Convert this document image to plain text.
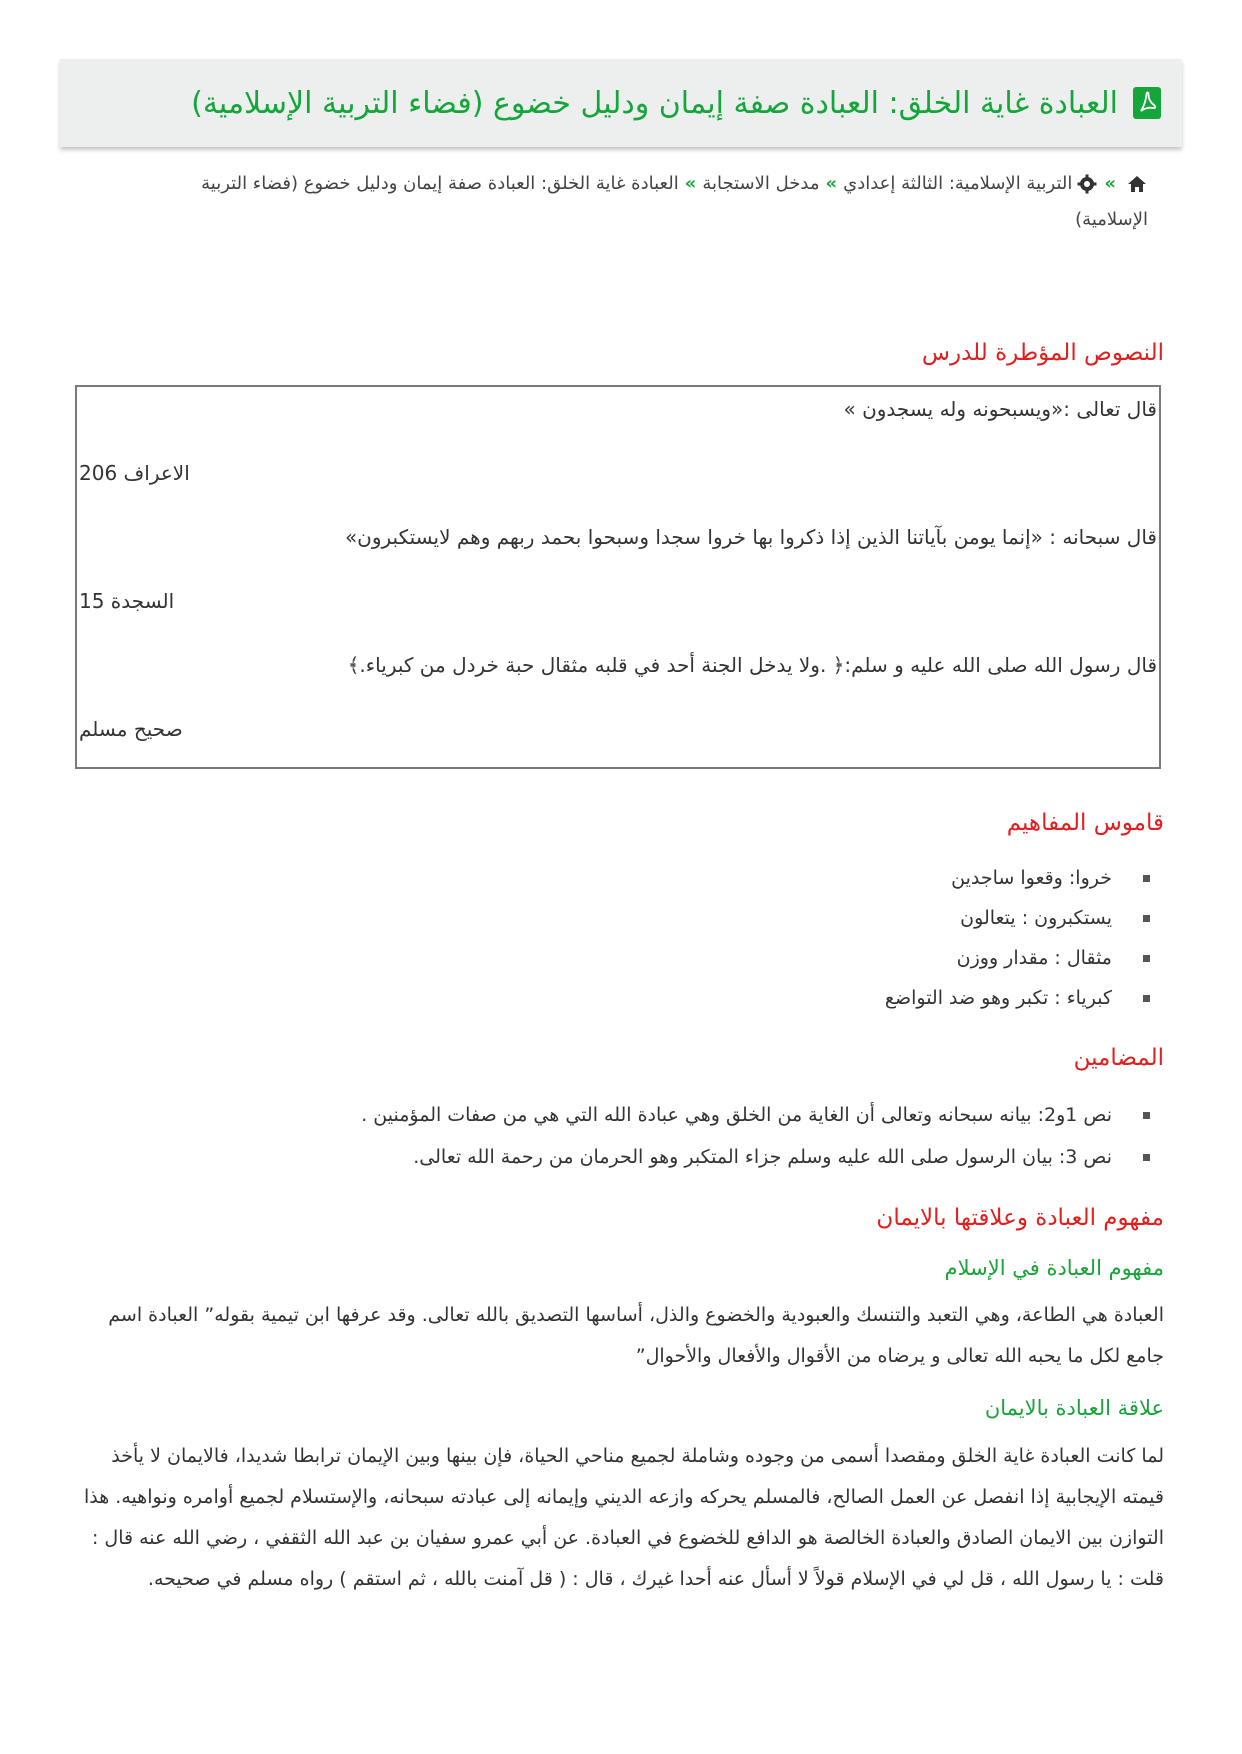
العبادة غاية الخلق: العبادة صفة إيمان ودليل خضوع (فضاء التربية الإسلامية)
»التربية الإسلامية: الثالثة إعدادي»مدخل الاستجابة»العبادة غاية الخلق: العبادة صفة إيمان ودليل خضوع (فضاء التربية الإسلامية)
النصوص المؤطرة للدرس
قال تعالى :«ويسبحونه وله يسجدون »
الاعراف 206
قال سبحانه : «إنما يومن بآياتنا الذين إذا ذكروا بها خروا سجدا وسبحوا بحمد ربهم وهم لايستكبرون»
السجدة 15
قال رسول الله صلى الله عليه و سلم:﴿ .ولا يدخل الجنة أحد في قلبه مثقال حبة خردل من كبرياء.﴾
صحيح مسلم
قاموس المفاهيم
خروا: وقعوا ساجدين
يستكبرون : يتعالون
مثقال : مقدار ووزن
كبرياء : تكبر وهو ضد التواضع
المضامين
نص 1و2: بيانه سبحانه وتعالى أن الغاية من الخلق وهي عبادة الله التي هي من صفات المؤمنين .
نص 3: بيان الرسول صلى الله عليه وسلم جزاء المتكبر وهو الحرمان من رحمة الله تعالى.
مفهوم العبادة وعلاقتها بالايمان
مفهوم العبادة في الإسلام
العبادة هي الطاعة، وهي التعبد والتنسك والعبودية والخضوع والذل، أساسها التصديق بالله تعالى. وقد عرفها ابن تيمية بقوله” العبادة اسم جامع لكل ما يحبه الله تعالى و يرضاه من الأقوال والأفعال والأحوال”
علاقة العبادة بالايمان
لما كانت العبادة غاية الخلق ومقصدا أسمى من وجوده وشاملة لجميع مناحي الحياة، فإن بينها وبين الإيمان ترابطا شديدا، فالايمان لا يأخذ قيمته الإيجابية إذا انفصل عن العمل الصالح، فالمسلم يحركه وازعه الديني وإيمانه إلى عبادته سبحانه، والإستسلام لجميع أوامره ونواهيه. هذا التوازن بين الايمان الصادق والعبادة الخالصة هو الدافع للخضوع في العبادة. عن أبي عمرو سفيان بن عبد الله الثقفي ، رضي الله عنه قال : قلت : يا رسول الله ، قل لي في الإسلام قولاً لا أسأل عنه أحدا غيرك ، قال : ( قل آمنت بالله ، ثم استقم ) رواه مسلم في صحيحه.
